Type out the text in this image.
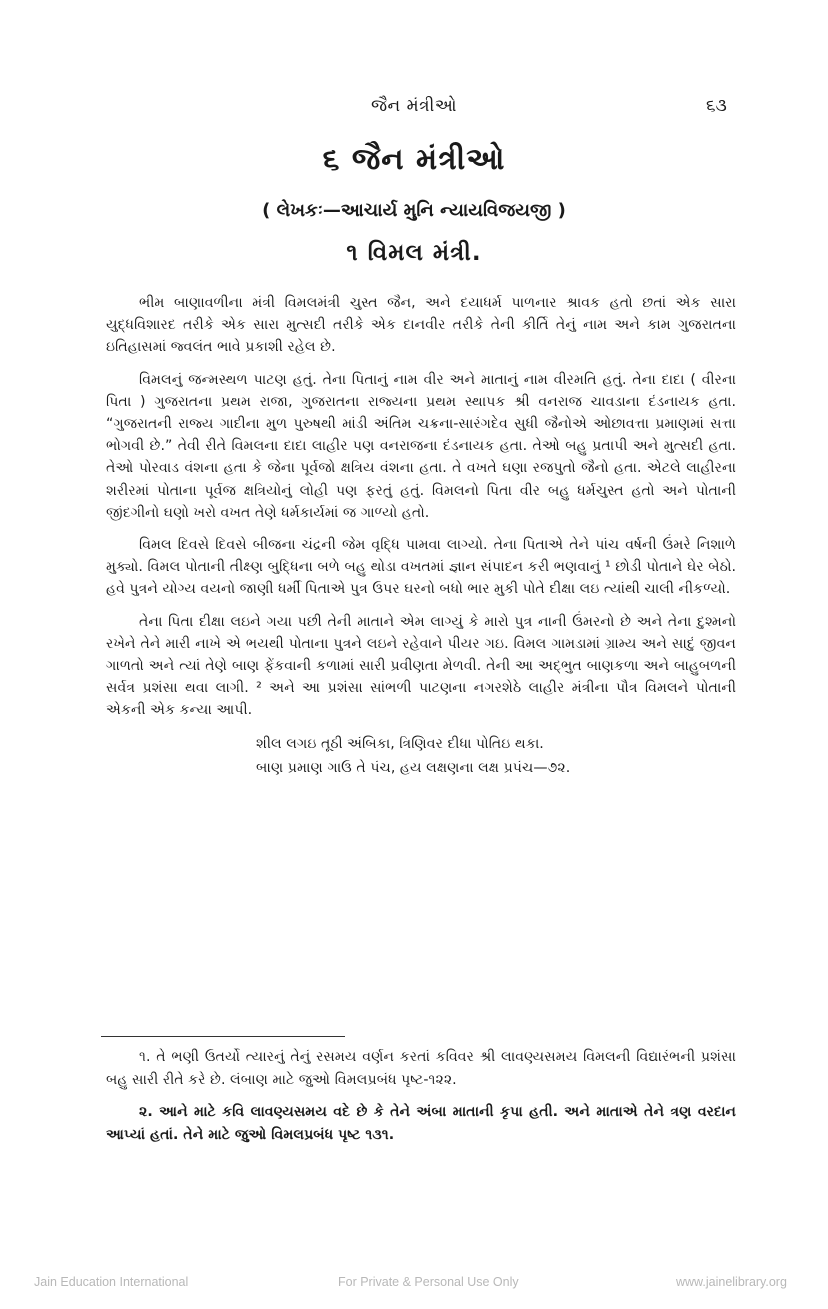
જૈન મંત્રીઓ	૬૩
૬ જૈન મંત્રીઓ
( લેખકઃ—આચાર્ય મુનિ ન્યાયવિજયજી )
૧ વિમલ મંત્રી.

ભીમ બાણાવળીના મંત્રી વિમલમંત્રી ચુસ્ત જૈન, અને દયાધર્મ પાળનાર શ્રાવક હતો છતાં એક સારા યુદ્ધવિશારદ તરીકે એક સારા મુત્સદી તરીકે એક દાનવીર તરીકે તેની કીર્તિ તેનું નામ અને કામ ગુજરાતના ઇતિહાસમાં જ્વલંત ભાવે પ્રકાશી રહેલ છે.

વિમલનું જન્મસ્થળ પાટણ હતું. તેના પિતાનું નામ વીર અને માતાનું નામ વીરમતિ હતું. તેના દાદા ( વીરના પિતા ) ગુજરાતના પ્રથમ રાજા, ગુજરાતના રાજ્યના પ્રથમ સ્થાપક શ્રી વનરાજ ચાવડાના દંડનાયક હતા. “ગુજરાતની રાજ્ય ગાદીના મુળ પુરુષથી માંડી અંતિમ ચક્રના-સારંગદેવ સુધી જૈનોએ ઓછાવત્તા પ્રમાણમાં સત્તા ભોગવી છે.” તેવી રીતે વિમલના દાદા લાહીર પણ વનરાજના દંડનાયક હતા. તેઓ બહુ પ્રતાપી અને મુત્સદી હતા. તેઓ પોરવાડ વંશના હતા કે જેના પૂર્વજો ક્ષત્રિય વંશના હતા. તે વખતે ઘણા રજપુતો જૈનો હતા. એટલે લાહીરના શરીરમાં પોતાના પૂર્વજ ક્ષત્રિયોનું લોહી પણ ફરતું હતું. વિમલનો પિતા વીર બહુ ધર્મચુસ્ત હતો અને પોતાની જીંદગીનો ઘણો ખરો વખત તેણે ધર્મકાર્યમાં જ ગાળ્યો હતો.

વિમલ દિવસે દિવસે બીજના ચંદ્રની જેમ વૃદ્ધિ પામવા લાગ્યો. તેના પિતાએ તેને પાંચ વર્ષની ઉંમરે નિશાળે મુક્યો. વિમલ પોતાની તીક્ષ્ણ બુદ્ધિના બળે બહુ થોડા વખતમાં જ્ઞાન સંપાદન કરી ભણવાનું ¹ છોડી પોતાને ઘેર બેઠો. હવે પુત્રને યોગ્ય વયનો જાણી ધર્મી પિતાએ પુત્ર ઉપર ઘરનો બધો ભાર મુકી પોતે દીક્ષા લઇ ત્યાંથી ચાલી નીકળ્યો.

તેના પિતા દીક્ષા લઇને ગયા પછી તેની માતાને એમ લાગ્યું કે મારો પુત્ર નાની ઉંમરનો છે અને તેના દુશ્મનો રખેને તેને મારી નાખે એ ભયથી પોતાના પુત્રને લઇને રહેવાને પીયર ગઇ. વિમલ ગામડામાં ગ્રામ્ય અને સાદું જીવન ગાળતો અને ત્યાં તેણે બાણ ફેંકવાની કળામાં સારી પ્રવીણતા મેળવી. તેની આ અદ્‌ભુત બાણકળા અને બાહુબળની સર્વત્ર પ્રશંસા થવા લાગી. ² અને આ પ્રશંસા સાંભળી પાટણના નગરશેઠે લાહીર મંત્રીના પૌત્ર વિમલને પોતાની એકની એક કન્યા આપી.

શીલ લગઇ તૂઠી અંબિકા, ત્રિણિવર દીધા પોતિઇ થકા.
બાણ પ્રમાણ ગાઉ તે પંચ, હય લક્ષણના લક્ષ પ્રપંચ—૭૨.

૧. તે ભણી ઉતર્યો ત્યારનું તેનું રસમય વર્ણન કરતાં કવિવર શ્રી લાવણ્યસમય વિમલની વિદ્યારંભની પ્રશંસા બહુ સારી રીતે કરે છે. લંબાણ માટે જુઓ વિમલપ્રબંધ પૃષ્ટ-૧૨૨.

૨. આને માટે કવિ લાવણ્યસમય વદે છે કે તેને અંબા માતાની કૃપા હતી. અને માતાએ તેને ત્રણ વરદાન આપ્યાં હતાં. તેને માટે જુઓ વિમલપ્રબંધ પૃષ્ટ ૧૩૧.

Jain Education International	For Private & Personal Use Only	www.jainelibrary.org
